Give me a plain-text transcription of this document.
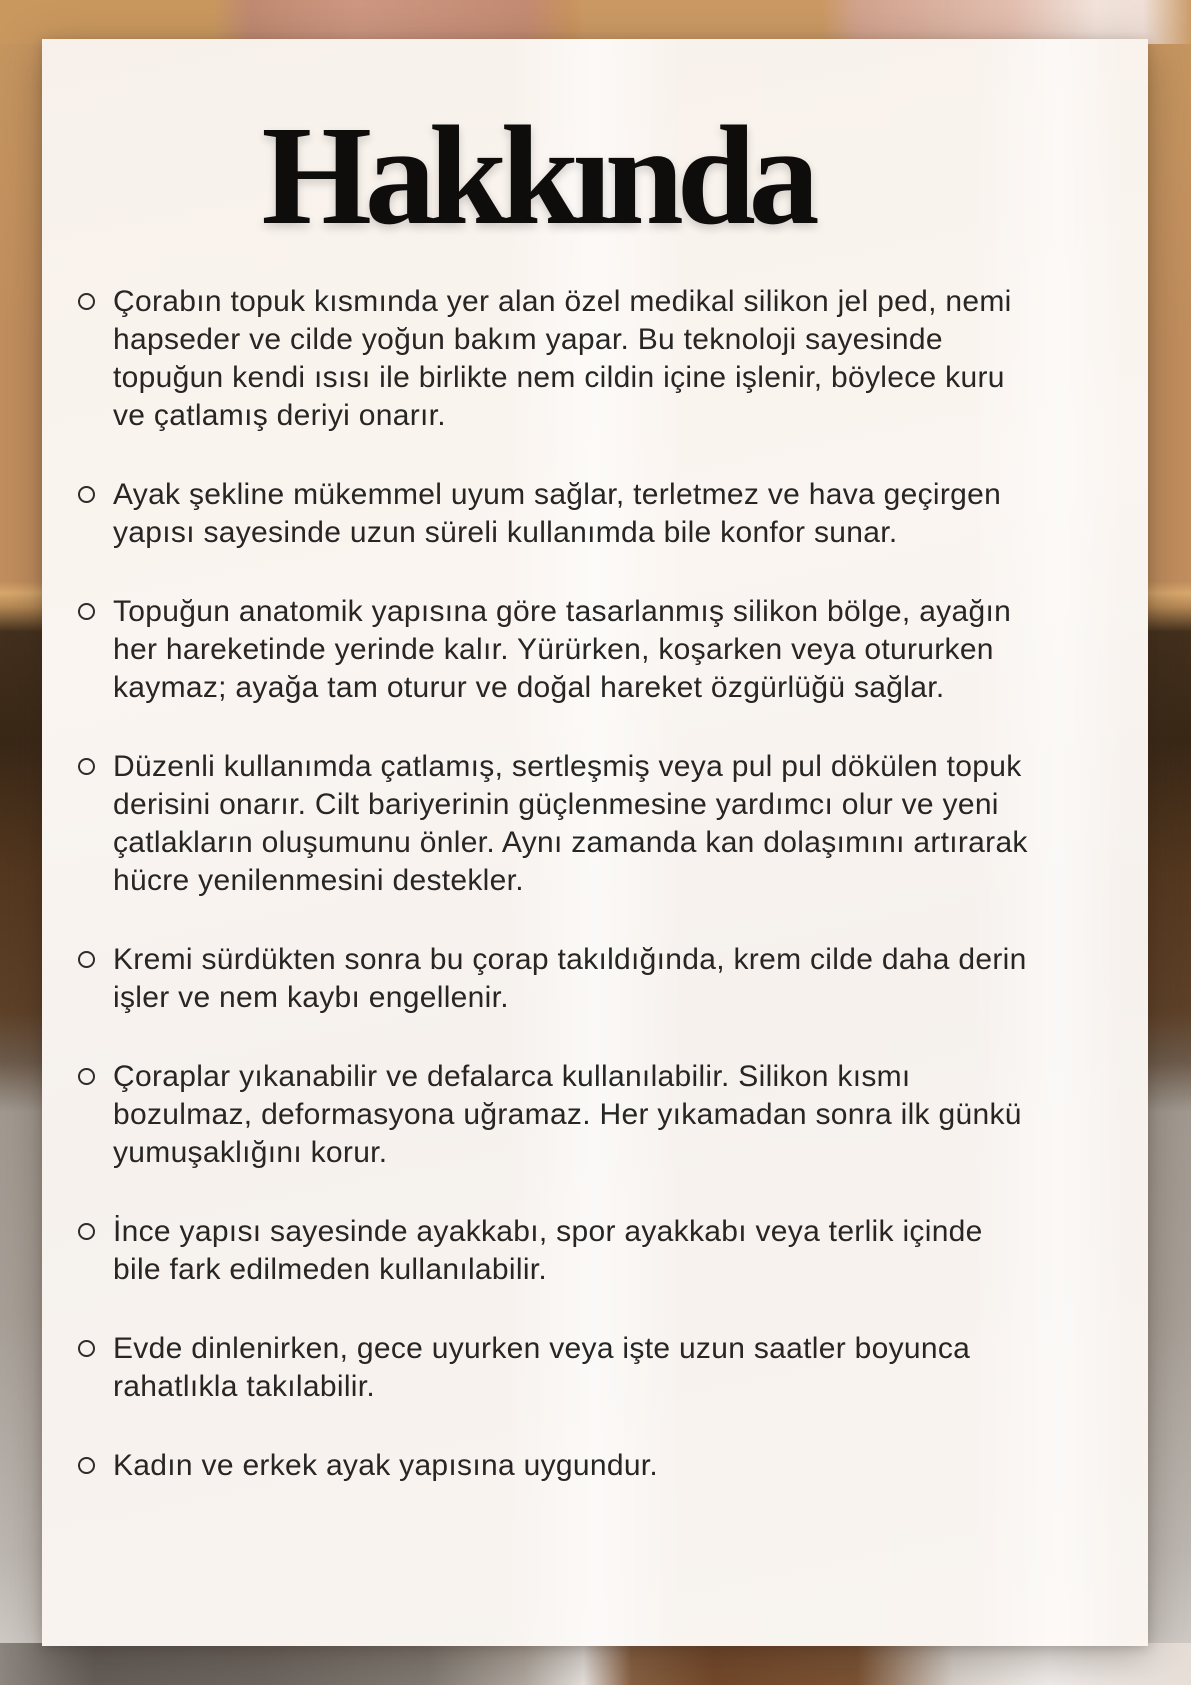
Hakkında
Çorabın topuk kısmında yer alan özel medikal silikon jel ped, nemi hapseder ve cilde yoğun bakım yapar. Bu teknoloji sayesinde topuğun kendi ısısı ile birlikte nem cildin içine işlenir, böylece kuru ve çatlamış deriyi onarır.
Ayak şekline mükemmel uyum sağlar, terletmez ve hava geçirgen yapısı sayesinde uzun süreli kullanımda bile konfor sunar.
Topuğun anatomik yapısına göre tasarlanmış silikon bölge, ayağın her hareketinde yerinde kalır. Yürürken, koşarken veya otururken kaymaz; ayağa tam oturur ve doğal hareket özgürlüğü sağlar.
Düzenli kullanımda çatlamış, sertleşmiş veya pul pul dökülen topuk derisini onarır. Cilt bariyerinin güçlenmesine yardımcı olur ve yeni çatlakların oluşumunu önler. Aynı zamanda kan dolaşımını artırarak hücre yenilenmesini destekler.
Kremi sürdükten sonra bu çorap takıldığında, krem cilde daha derin işler ve nem kaybı engellenir.
Çoraplar yıkanabilir ve defalarca kullanılabilir. Silikon kısmı bozulmaz, deformasyona uğramaz. Her yıkamadan sonra ilk günkü yumuşaklığını korur.
İnce yapısı sayesinde ayakkabı, spor ayakkabı veya terlik içinde bile fark edilmeden kullanılabilir.
Evde dinlenirken, gece uyurken veya işte uzun saatler boyunca rahatlıkla takılabilir.
Kadın ve erkek ayak yapısına uygundur.
